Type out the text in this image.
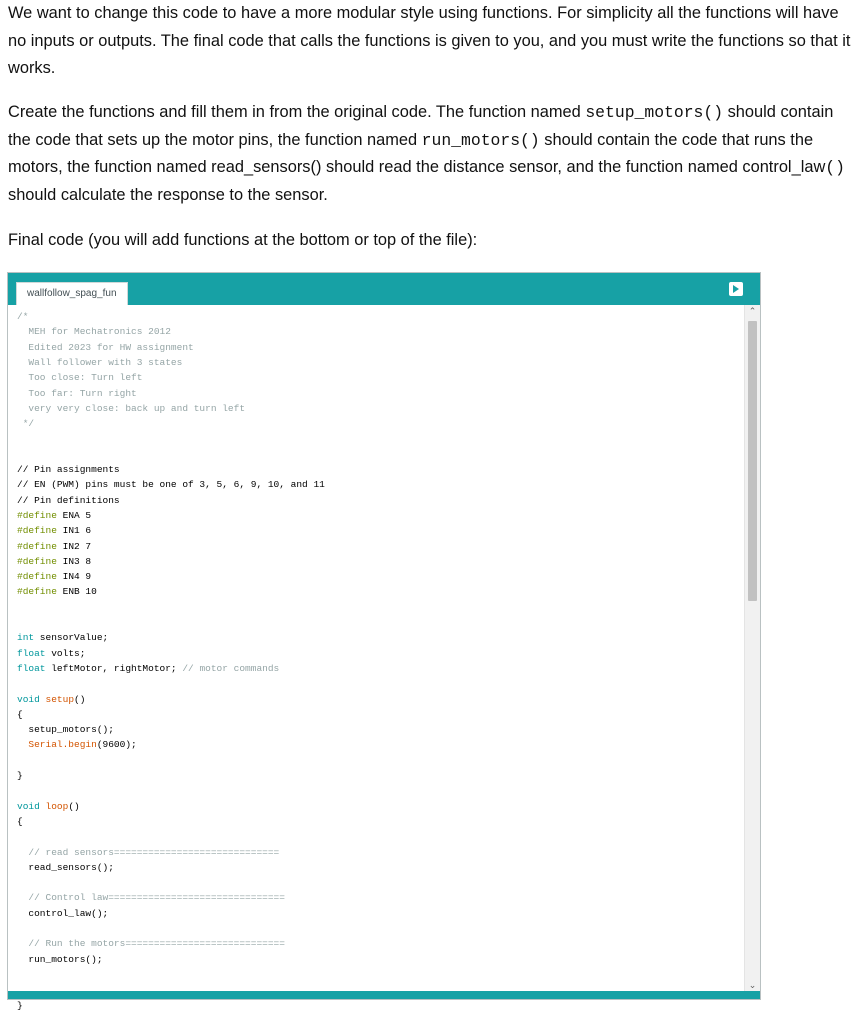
We want to change this code to have a more modular style using functions. For simplicity all the functions will have no inputs or outputs. The final code that calls the functions is given to you, and you must write the functions so that it works.
Create the functions and fill them in from the original code. The function named setup_motors() should contain the code that sets up the motor pins, the function named run_motors() should contain the code that runs the motors, the function named read_sensors() should read the distance sensor, and the function named control_law() should calculate the response to the sensor.
Final code (you will add functions at the bottom or top of the file):
wallfollow_spag_fun
/*
MEH for Mechatronics 2012
Edited 2023 for HW assignment
Wall follower with 3 states
Too close: Turn left
Too far: Turn right
very very close: back up and turn left
*/
// Pin assignments
// EN (PWM) pins must be one of 3, 5, 6, 9, 10, and 11
// Pin definitions
#define ENA 5
#define IN1 6
#define IN2 7
#define IN3 8
#define IN4 9
#define ENB 10
int sensorValue;
float volts;
float leftMotor, rightMotor; // motor commands
void setup()
{
setup_motors();
Serial.begin(9600);
}
void loop()
{
// read sensors=============================
read_sensors();
// Control law===============================
control_law();
// Run the motors============================
run_motors();
}
⌃
⌄
